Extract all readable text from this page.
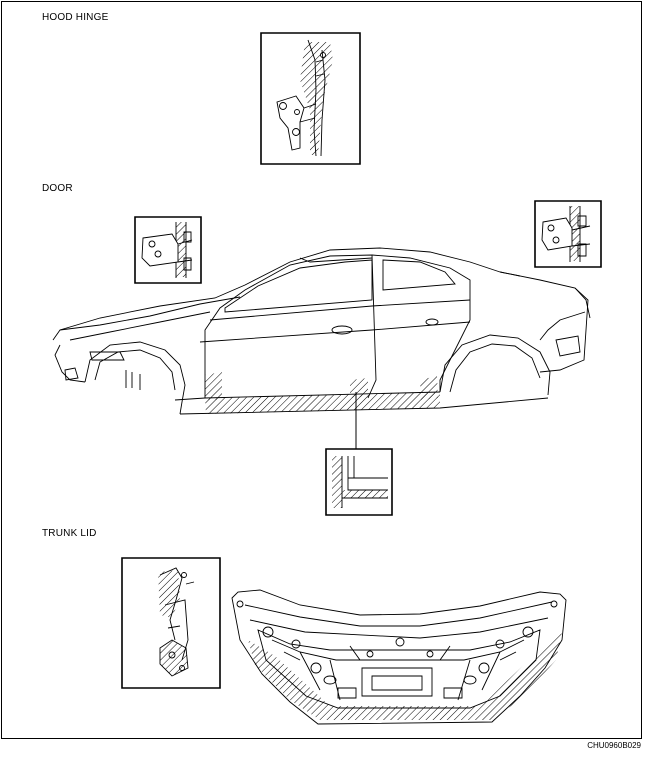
HOOD HINGE
DOOR
TRUNK LID
CHU0960B029
